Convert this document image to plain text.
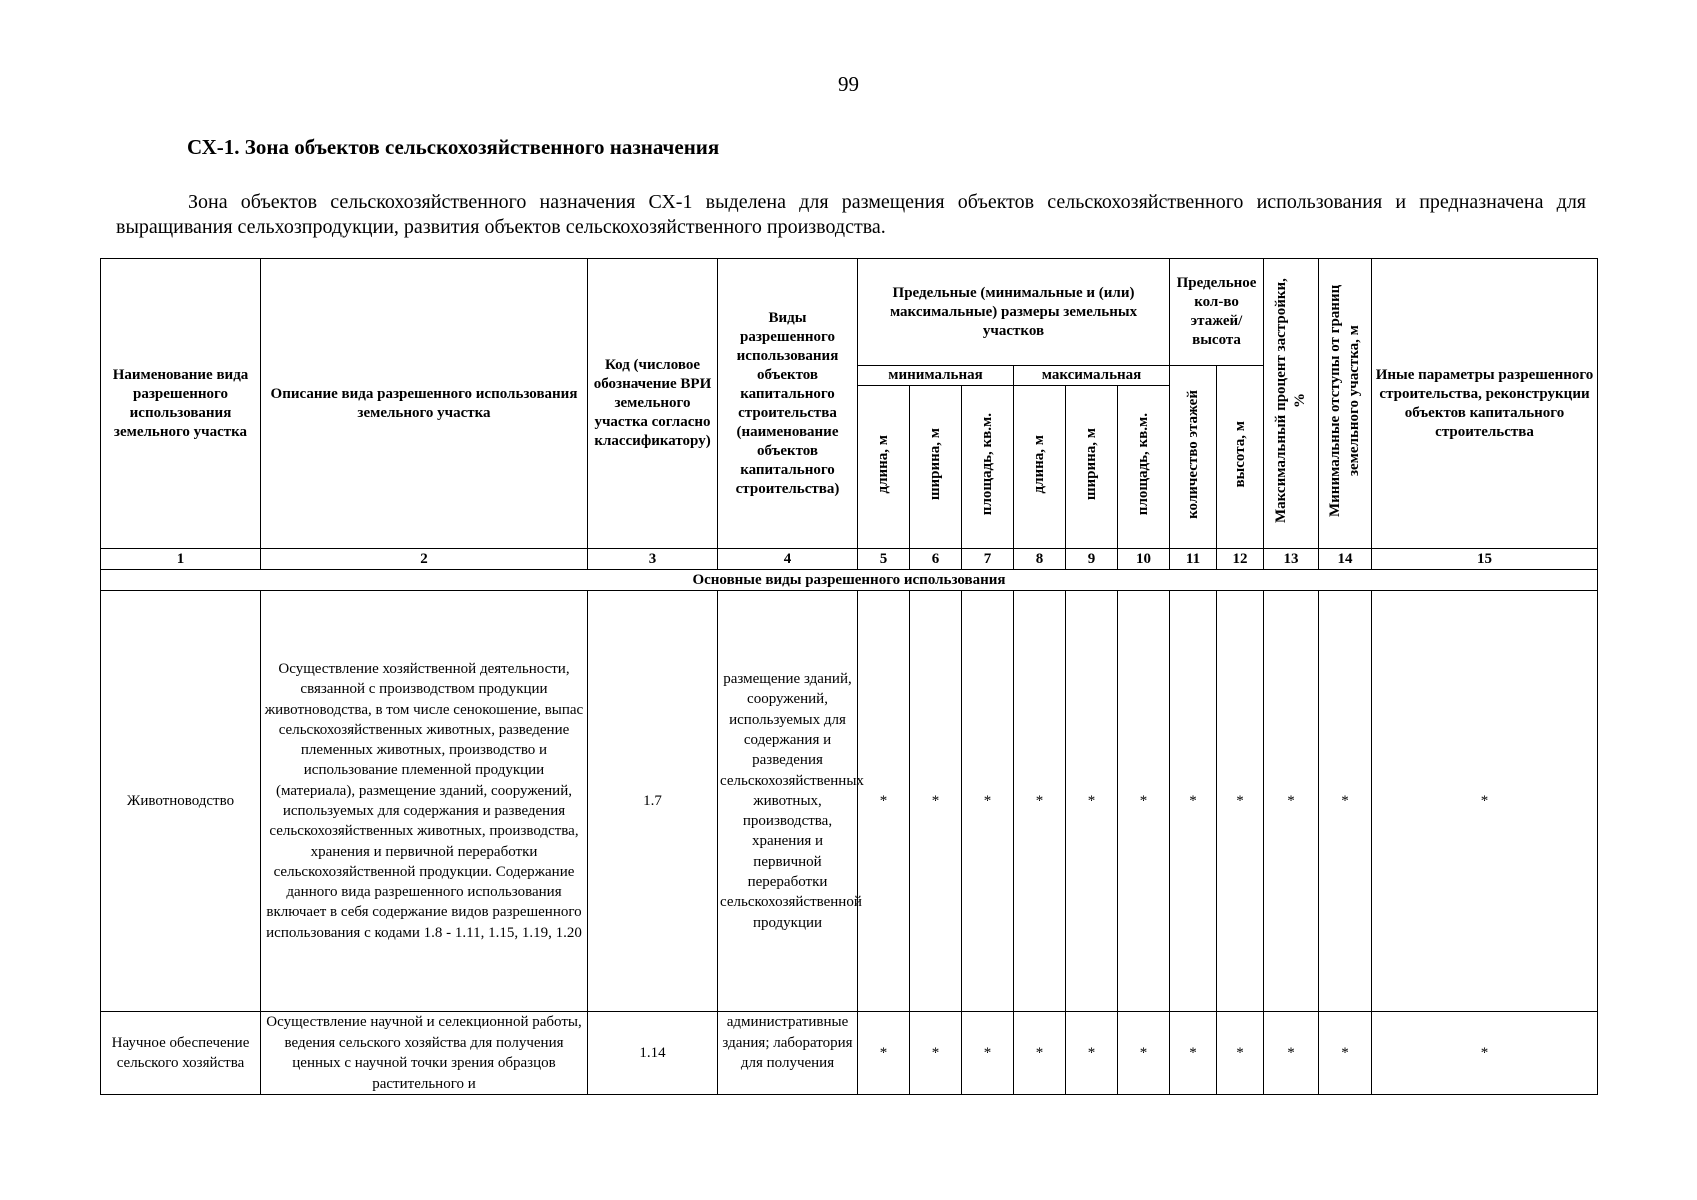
99
СХ-1. Зона объектов сельскохозяйственного назначения
Зона объектов сельскохозяйственного назначения СХ-1 выделена для размещения объектов сельскохозяйственного использования и предназначена для выращивания сельхозпродукции, развития объектов сельскохозяйственного производства.
Наименование вида разрешенного использования земельного участка	Описание вида разрешенного использования земельного участка	Код (числовое обозначение ВРИ земельного участка согласно классификатору)	Виды разрешенного использования объектов капитального строительства (наименование объектов капитального строительства)	Предельные (минимальные и (или) максимальные) размеры земельных участков						Предельное кол-во этажей/ высота		Максимальный процент застройки, %	Минимальные отступы от границ земельного участка, м	Иные параметры разрешенного строительства, реконструкции объектов капитального строительства
				минимальная			максимальная			количество этажей	высота, м			
				длина, м	ширина, м	площадь, кв.м.	длина, м	ширина, м	площадь, кв.м.					
1	2	3	4	5	6	7	8	9	10	11	12	13	14	15
Основные виды разрешенного использования														
Животноводство	Осуществление хозяйственной деятельности, связанной с производством продукции животноводства, в том числе сенокошение, выпас сельскохозяйственных животных, разведение племенных животных, производство и использование племенной продукции (материала), размещение зданий, сооружений, используемых для содержания и разведения сельскохозяйственных животных, производства, хранения и первичной переработки сельскохозяйственной продукции. Содержание данного вида разрешенного использования включает в себя содержание видов разрешенного использования с кодами 1.8 - 1.11, 1.15, 1.19, 1.20	1.7	размещение зданий, сооружений, используемых для содержания и разведения сельскохозяйственных животных, производства, хранения и первичной переработки сельскохозяйственной продукции	*	*	*	*	*	*	*	*	*	*	*
Научное обеспечение сельского хозяйства	Осуществление научной и селекционной работы, ведения сельского хозяйства для получения ценных с научной точки зрения образцов растительного и	1.14	административные здания; лаборатория для получения	*	*	*	*	*	*	*	*	*	*	*
